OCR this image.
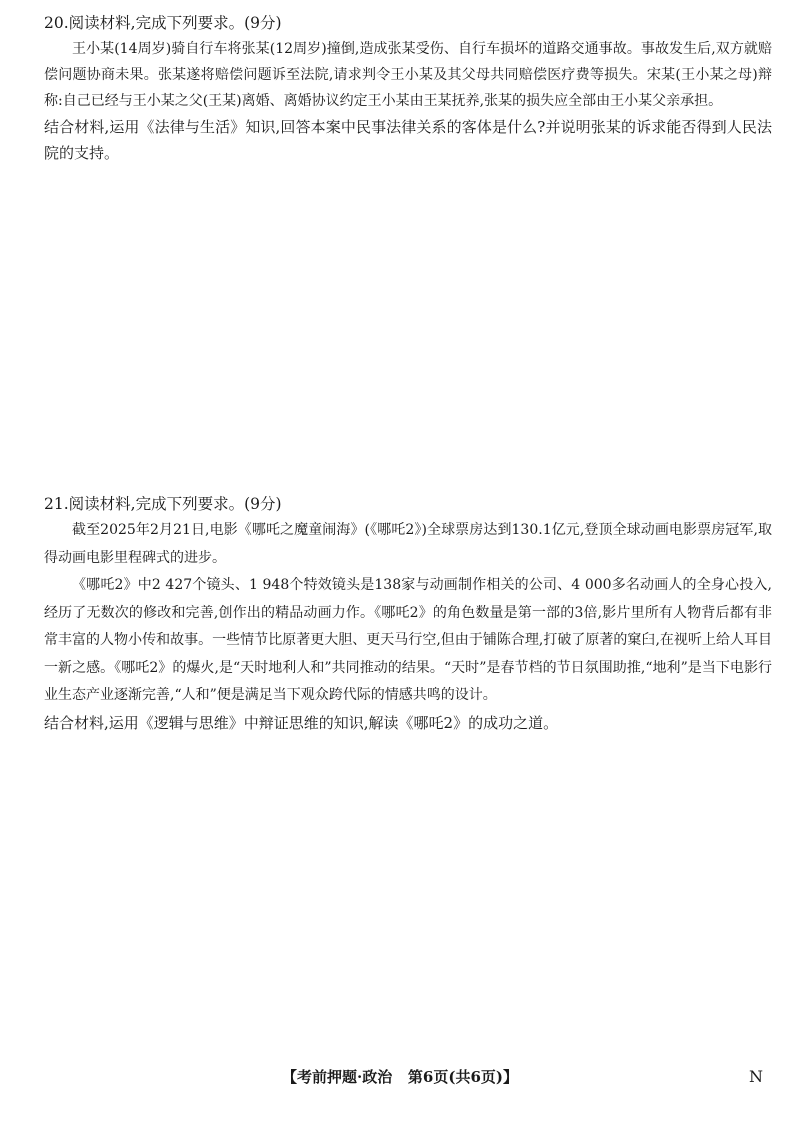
20.阅读材料,完成下列要求。(9分)

王小某(14周岁)骑自行车将张某(12周岁)撞倒,造成张某受伤、自行车损坏的道路交通事故。事故发生后,双方就赔偿问题协商未果。张某遂将赔偿问题诉至法院,请求判令王小某及其父母共同赔偿医疗费等损失。宋某(王小某之母)辩称:自己已经与王小某之父(王某)离婚、离婚协议约定王小某由王某抚养,张某的损失应全部由王小某父亲承担。

结合材料,运用《法律与生活》知识,回答本案中民事法律关系的客体是什么?并说明张某的诉求能否得到人民法院的支持。

21.阅读材料,完成下列要求。(9分)

截至2025年2月21日,电影《哪吒之魔童闹海》(《哪吒2》)全球票房达到130.1亿元,登顶全球动画电影票房冠军,取得动画电影里程碑式的进步。

《哪吒2》中2 427个镜头、1 948个特效镜头是138家与动画制作相关的公司、4 000多名动画人的全身心投入,经历了无数次的修改和完善,创作出的精品动画力作。《哪吒2》的角色数量是第一部的3倍,影片里所有人物背后都有非常丰富的人物小传和故事。一些情节比原著更大胆、更天马行空,但由于铺陈合理,打破了原著的窠臼,在视听上给人耳目一新之感。《哪吒2》的爆火,是“天时地利人和”共同推动的结果。“天时”是春节档的节日氛围助推,“地利”是当下电影行业生态产业逐渐完善,“人和”便是满足当下观众跨代际的情感共鸣的设计。

结合材料,运用《逻辑与思维》中辩证思维的知识,解读《哪吒2》的成功之道。

【考前押题·政治 第6页(共6页)】	N
